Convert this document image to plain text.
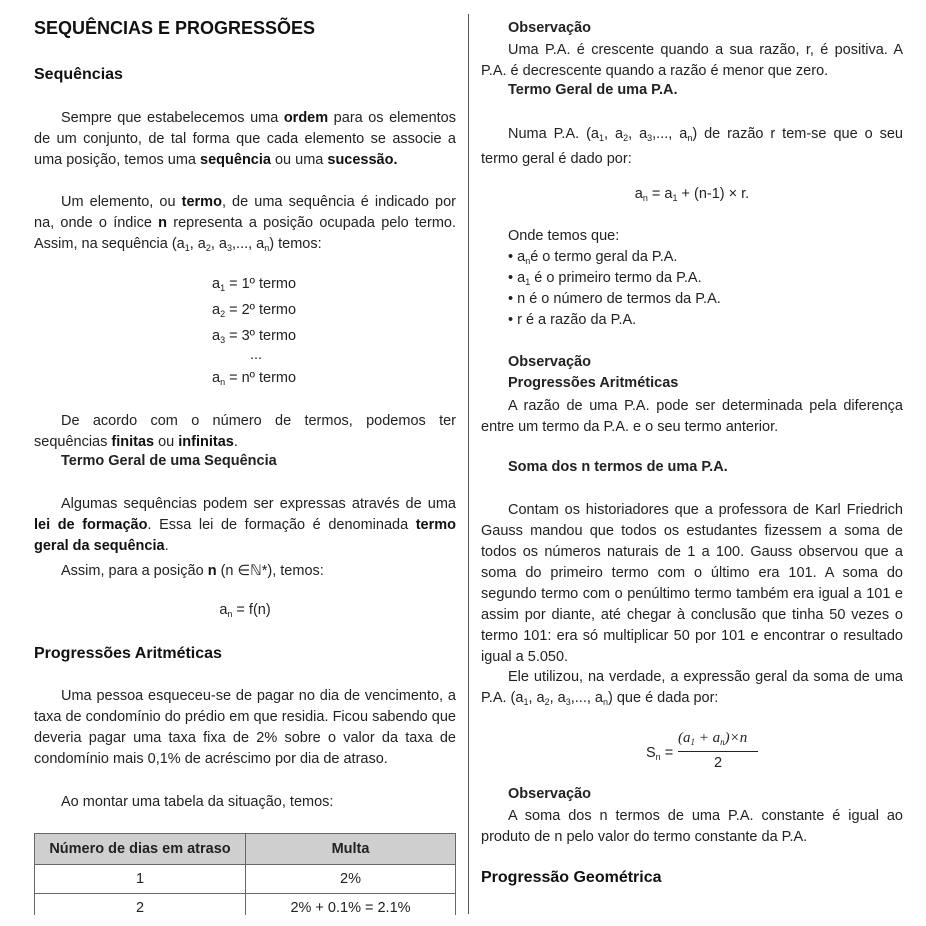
SEQUÊNCIAS E PROGRESSÕES
Sequências
Sempre que estabelecemos uma ordem para os elementos de um conjunto, de tal forma que cada elemento se associe a uma posição, temos uma sequência ou uma sucessão.
Um elemento, ou termo, de uma sequência é indicado por na, onde o índice n representa a posição ocupada pelo termo. Assim, na sequência ($a_1$, $a_2$, $a_3$,..., $a_n$) temos:
$a_1$ = 1º termo
$a_2$ = 2º termo
$a_3$ = 3º termo
...
$a_n$ = nº termo
De acordo com o número de termos, podemos ter sequências finitas ou infinitas.
Termo Geral de uma Sequência
Algumas sequências podem ser expressas através de uma lei de formação. Essa lei de formação é denominada termo geral da sequência.
Assim, para a posição n (n ∈ℕ*), temos:
$a_n = f(n)$
Progressões Aritméticas
Uma pessoa esqueceu-se de pagar no dia de vencimento, a taxa de condomínio do prédio em que residia. Ficou sabendo que deveria pagar uma taxa fixa de 2% sobre o valor da taxa de condomínio mais 0,1% de acréscimo por dia de atraso.
Ao montar uma tabela da situação, temos:
Número de dias em atraso	Multa
1	2%
2	2% + 0.1% = 2.1%
Observação
Uma P.A. é crescente quando a sua razão, r, é positiva. A P.A. é decrescente quando a razão é menor que zero.
Termo Geral de uma P.A.
Numa P.A. ($a_1$, $a_2$, $a_3$,..., $a_n$) de razão r tem-se que o seu termo geral é dado por:
$a_n = a_1 + (n-1) \times r$.
Onde temos que:
• $a_né$ o termo geral da P.A.
• $a_1$ é o primeiro termo da P.A.
• n é o número de termos da P.A.
• r é a razão da P.A.
Observação
Progressões Aritméticas
A razão de uma P.A. pode ser determinada pela diferença entre um termo da P.A. e o seu termo anterior.
Soma dos n termos de uma P.A.
Contam os historiadores que a professora de Karl Friedrich Gauss mandou que todos os estudantes fizessem a soma de todos os números naturais de 1 a 100. Gauss observou que a soma do primeiro termo com o último era 101. A soma do segundo termo com o penúltimo termo também era igual a 101 e assim por diante, até chegar à conclusão que tinha 50 vezes o termo 101: era só multiplicar 50 por 101 e encontrar o resultado igual a 5.050.
Ele utilizou, na verdade, a expressão geral da soma de uma P.A. ($a_1$, $a_2$, $a_3$,..., $a_n$) que é dada por:
$S_n$ =
$(a_1 + a_n)\times n$
2
Observação
A soma dos n termos de uma P.A. constante é igual ao produto de n pelo valor do termo constante da P.A.
Progressão Geométrica
